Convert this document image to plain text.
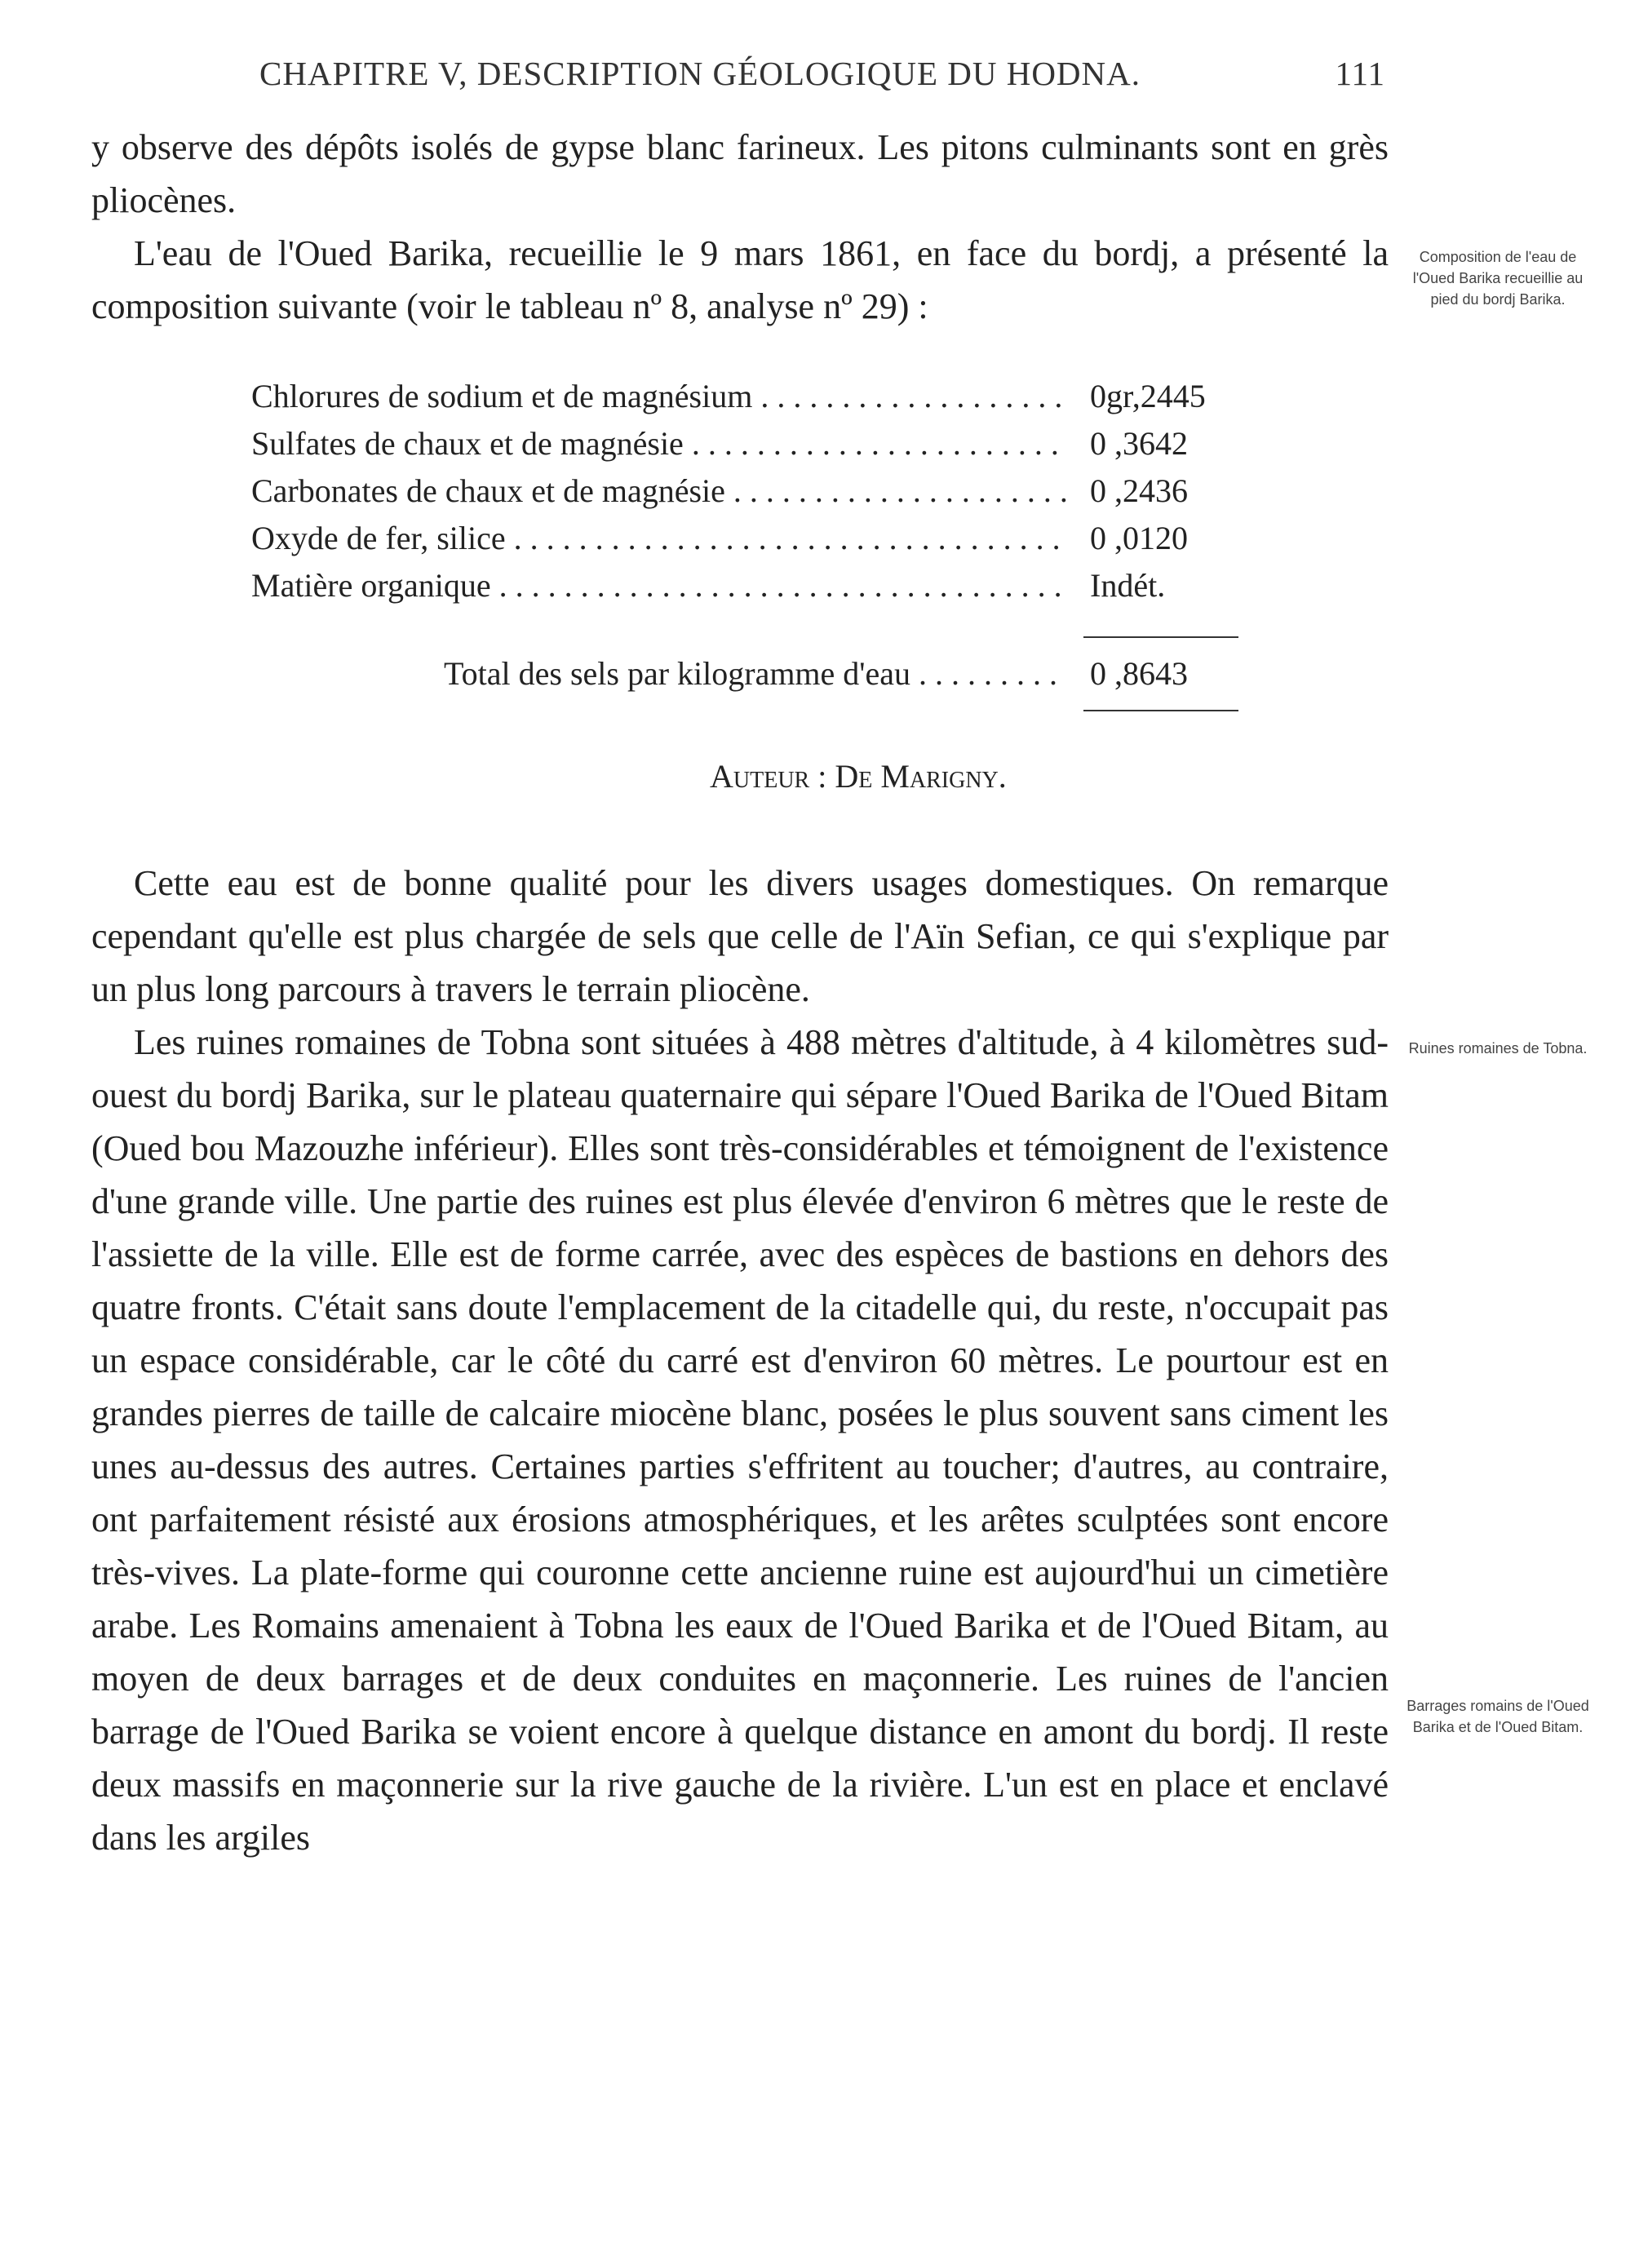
CHAPITRE V, DESCRIPTION GÉOLOGIQUE DU HODNA.	111

y observe des dépôts isolés de gypse blanc farineux. Les pitons culminants sont en grès pliocènes.

L'eau de l'Oued Barika, recueillie le 9 mars 1861, en face du bordj, a présenté la composition suivante (voir le tableau nº 8, analyse nº 29) :

Chlorures de sodium et de magnésium . . .	0gr,2445
Sulfates de chaux et de magnésie . . .	0 ,3642
Carbonates de chaux et de magnésie . . .	0 ,2436
Oxyde de fer, silice . . .	0 ,0120
Matière organique . . .	Indét.
Total des sels par kilogramme d'eau . . .	0 ,8643
Auteur : De Marigny.

Cette eau est de bonne qualité pour les divers usages domestiques. On remarque cependant qu'elle est plus chargée de sels que celle de l'Aïn Sefian, ce qui s'explique par un plus long parcours à travers le terrain pliocène.

Les ruines romaines de Tobna sont situées à 488 mètres d'altitude, à 4 kilomètres sud-ouest du bordj Barika, sur le plateau quaternaire qui sépare l'Oued Barika de l'Oued Bitam (Oued bou Mazouzhe inférieur). Elles sont très-considérables et témoignent de l'existence d'une grande ville. Une partie des ruines est plus élevée d'environ 6 mètres que le reste de l'assiette de la ville. Elle est de forme carrée, avec des espèces de bastions en dehors des quatre fronts. C'était sans doute l'emplacement de la citadelle qui, du reste, n'occupait pas un espace considérable, car le côté du carré est d'environ 60 mètres. Le pourtour est en grandes pierres de taille de calcaire miocène blanc, posées le plus souvent sans ciment les unes au-dessus des autres. Certaines parties s'effritent au toucher; d'autres, au contraire, ont parfaitement résisté aux érosions atmosphériques, et les arêtes sculptées sont encore très-vives. La plate-forme qui couronne cette ancienne ruine est aujourd'hui un cimetière arabe. Les Romains amenaient à Tobna les eaux de l'Oued Barika et de l'Oued Bitam, au moyen de deux barrages et de deux conduites en maçonnerie. Les ruines de l'ancien barrage de l'Oued Barika se voient encore à quelque distance en amont du bordj. Il reste deux massifs en maçonnerie sur la rive gauche de la rivière. L'un est en place et enclavé dans les argiles

Composition de l'eau de l'Oued Barika recueillie au pied du bordj Barika.
Ruines romaines de Tobna.
Barrages romains de l'Oued Barika et de l'Oued Bitam.
